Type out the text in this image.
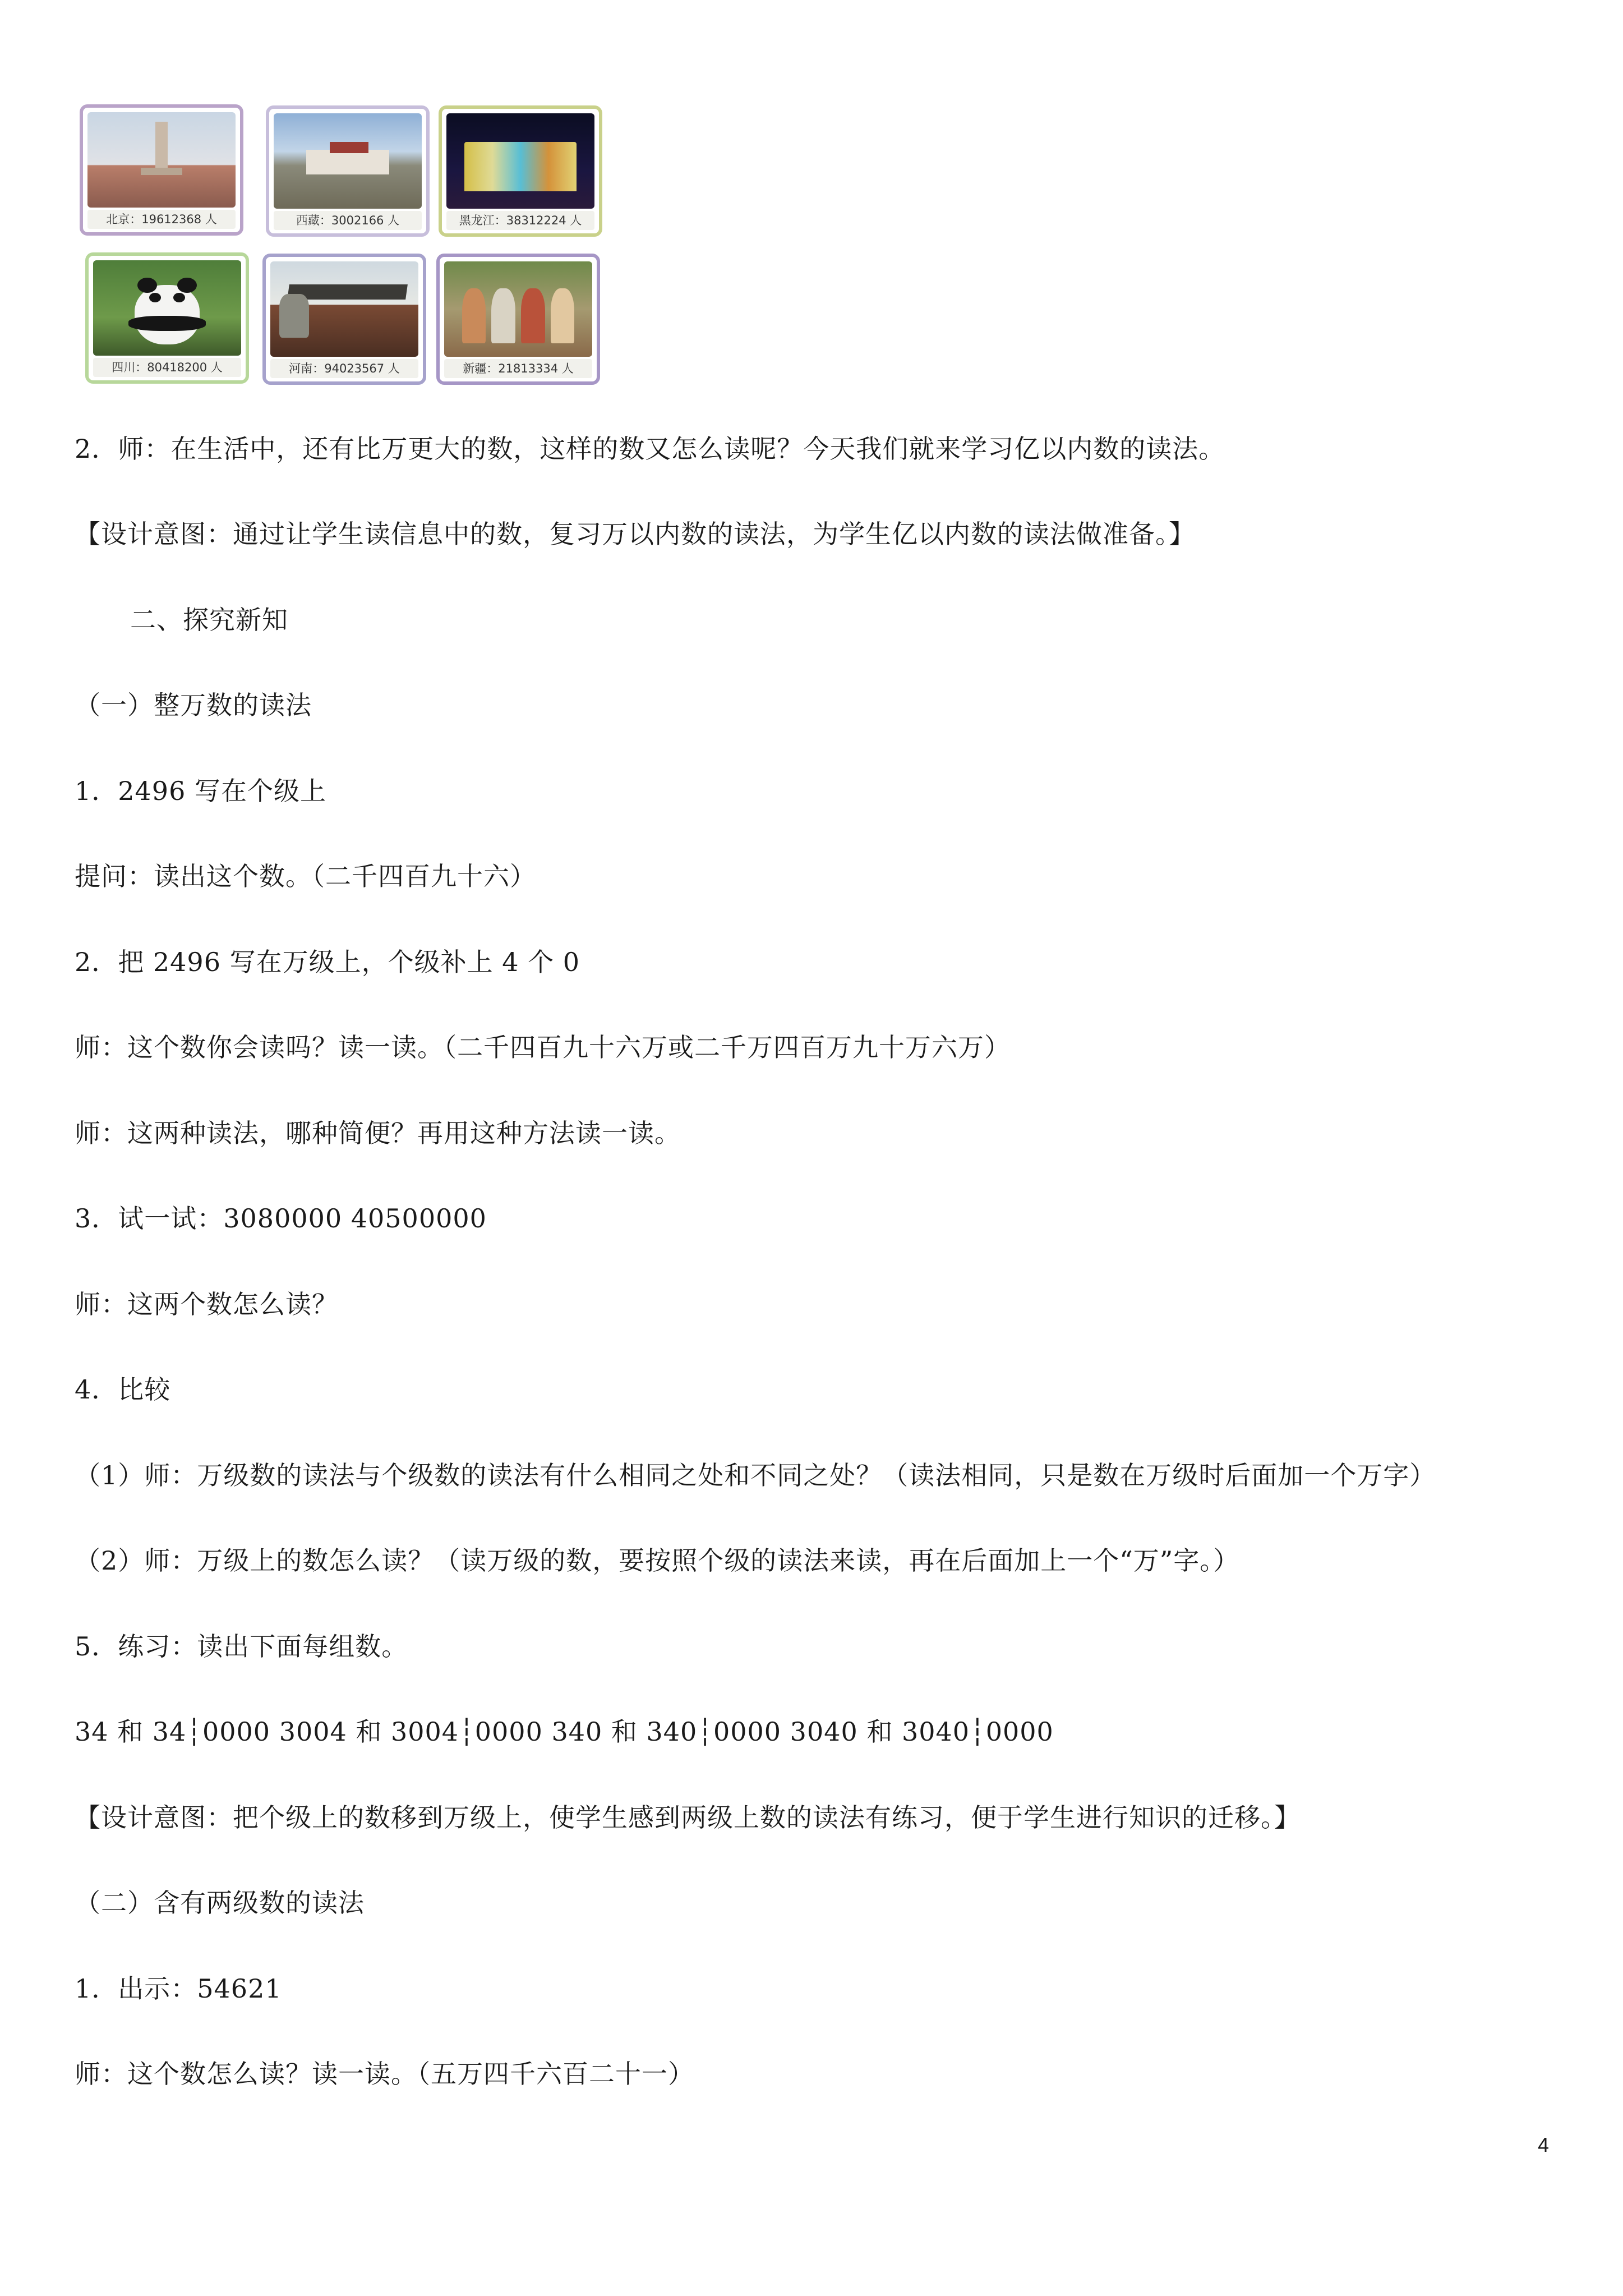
北京：19612368 人	西藏：3002166 人	黑龙江：38312224 人
四川：80418200 人	河南：94023567 人	新疆：21813334 人
2．师：在生活中，还有比万更大的数，这样的数又怎么读呢？今天我们就来学习亿以内数的读法。
【设计意图：通过让学生读信息中的数，复习万以内数的读法，为学生亿以内数的读法做准备。】
二、探究新知
（一）整万数的读法
1．2496 写在个级上
提问：读出这个数。（二千四百九十六）
2．把 2496 写在万级上，个级补上 4 个 0
师：这个数你会读吗？读一读。（二千四百九十六万或二千万四百万九十万六万）
师：这两种读法，哪种简便？再用这种方法读一读。
3．试一试：3080000 40500000
师：这两个数怎么读？
4．比较
（1）师：万级数的读法与个级数的读法有什么相同之处和不同之处？（读法相同，只是数在万级时后面加一个万字）
（2）师：万级上的数怎么读？（读万级的数，要按照个级的读法来读，再在后面加上一个“万”字。）
5．练习：读出下面每组数。
34 和 34┆0000 3004 和 3004┆0000 340 和 340┆0000 3040 和 3040┆0000
【设计意图：把个级上的数移到万级上，使学生感到两级上数的读法有练习，便于学生进行知识的迁移。】
（二）含有两级数的读法
1．出示：54621
师：这个数怎么读？读一读。（五万四千六百二十一）
4
